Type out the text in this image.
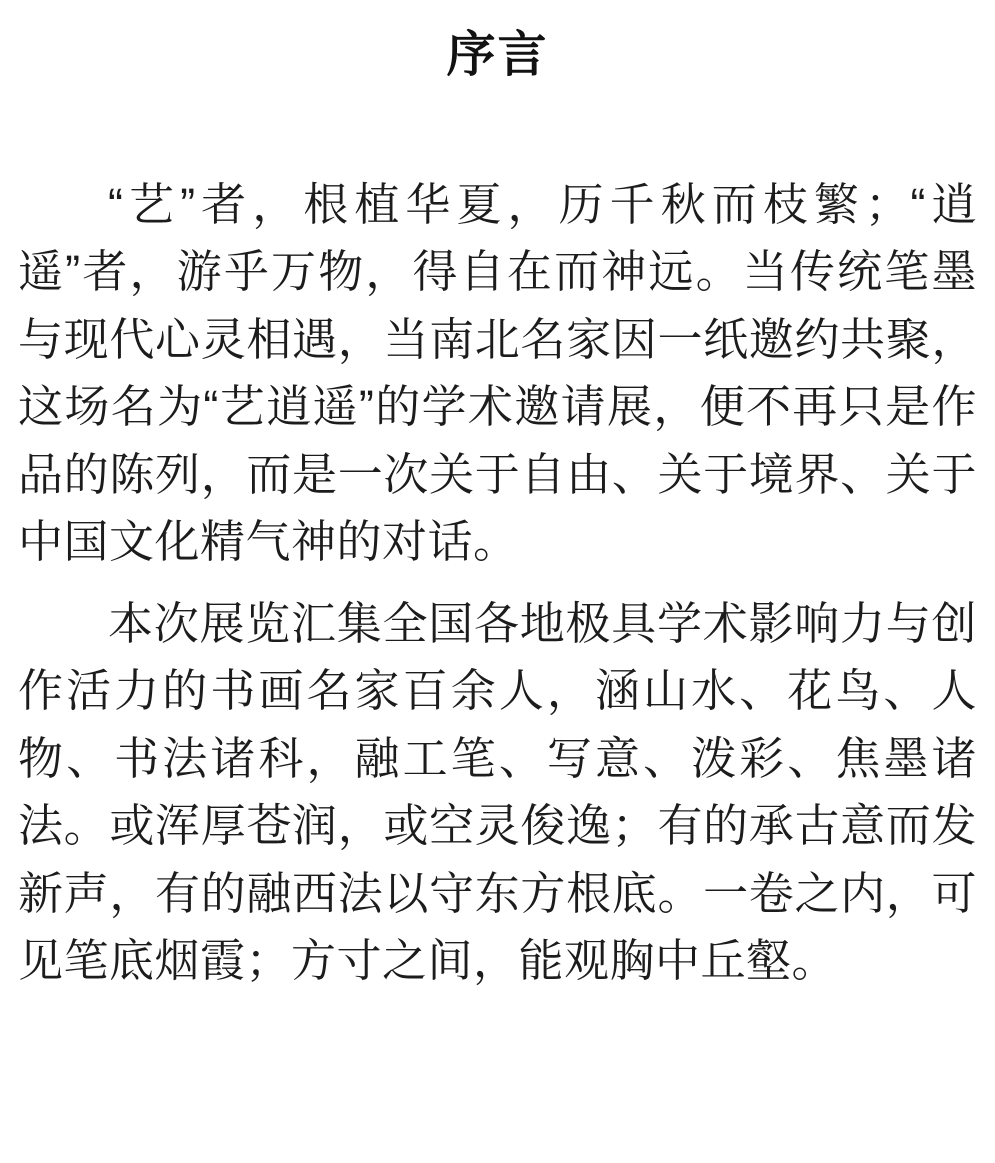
序言

“艺”者，根植华夏，历千秋而枝繁；“逍遥”者，游乎万物，得自在而神远。当传统笔墨与现代心灵相遇，当南北名家因一纸邀约共聚，这场名为“艺逍遥”的学术邀请展，便不再只是作品的陈列，而是一次关于自由、关于境界、关于中国文化精气神的对话。

本次展览汇集全国各地极具学术影响力与创作活力的书画名家百余人，涵山水、花鸟、人物、书法诸科，融工笔、写意、泼彩、焦墨诸法。或浑厚苍润，或空灵俊逸；有的承古意而发新声，有的融西法以守东方根底。一卷之内，可见笔底烟霞；方寸之间，能观胸中丘壑。
